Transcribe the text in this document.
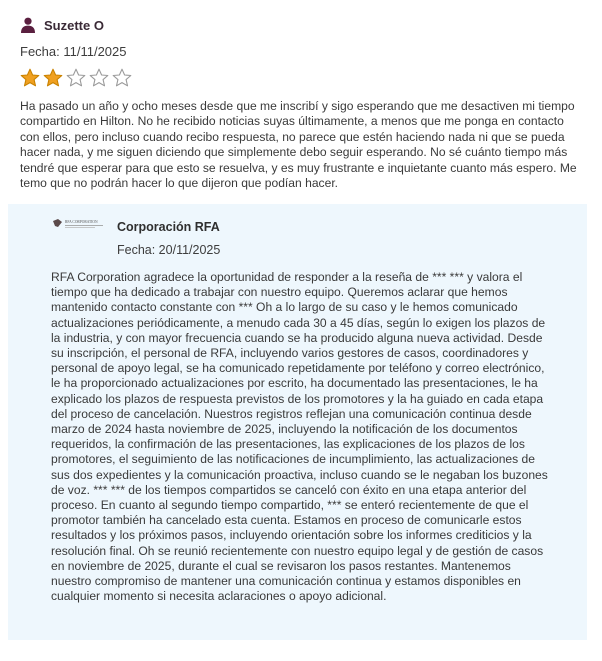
Suzette O
Fecha: 11/11/2025
Ha pasado un año y ocho meses desde que me inscribí y sigo esperando que me desactiven mi tiempo compartido en Hilton. No he recibido noticias suyas últimamente, a menos que me ponga en contacto con ellos, pero incluso cuando recibo respuesta, no parece que estén haciendo nada ni que se pueda hacer nada, y me siguen diciendo que simplemente debo seguir esperando. No sé cuánto tiempo más tendré que esperar para que esto se resuelva, y es muy frustrante e inquietante cuanto más espero. Me temo que no podrán hacer lo que dijeron que podían hacer.
RFA CORPORATION Corporación RFA
Fecha: 20/11/2025
RFA Corporation agradece la oportunidad de responder a la reseña de *** *** y valora el tiempo que ha dedicado a trabajar con nuestro equipo. Queremos aclarar que hemos mantenido contacto constante con *** Oh a lo largo de su caso y le hemos comunicado actualizaciones periódicamente, a menudo cada 30 a 45 días, según lo exigen los plazos de la industria, y con mayor frecuencia cuando se ha producido alguna nueva actividad. Desde su inscripción, el personal de RFA, incluyendo varios gestores de casos, coordinadores y personal de apoyo legal, se ha comunicado repetidamente por teléfono y correo electrónico, le ha proporcionado actualizaciones por escrito, ha documentado las presentaciones, le ha explicado los plazos de respuesta previstos de los promotores y la ha guiado en cada etapa del proceso de cancelación. Nuestros registros reflejan una comunicación continua desde marzo de 2024 hasta noviembre de 2025, incluyendo la notificación de los documentos requeridos, la confirmación de las presentaciones, las explicaciones de los plazos de los promotores, el seguimiento de las notificaciones de incumplimiento, las actualizaciones de sus dos expedientes y la comunicación proactiva, incluso cuando se le negaban los buzones de voz. *** *** de los tiempos compartidos se canceló con éxito en una etapa anterior del proceso. En cuanto al segundo tiempo compartido, *** se enteró recientemente de que el promotor también ha cancelado esta cuenta. Estamos en proceso de comunicarle estos resultados y los próximos pasos, incluyendo orientación sobre los informes crediticios y la resolución final. Oh se reunió recientemente con nuestro equipo legal y de gestión de casos en noviembre de 2025, durante el cual se revisaron los pasos restantes. Mantenemos nuestro compromiso de mantener una comunicación continua y estamos disponibles en cualquier momento si necesita aclaraciones o apoyo adicional.
